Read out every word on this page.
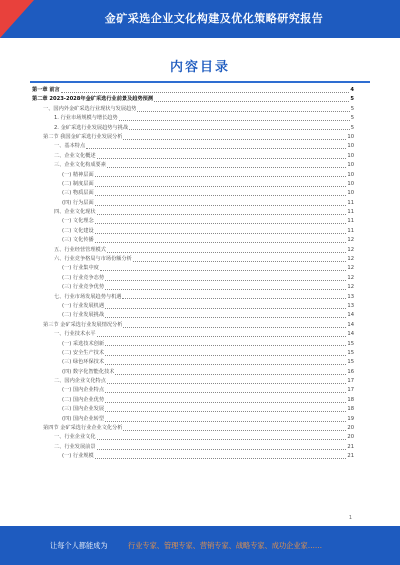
金矿采选企业文化构建及优化策略研究报告
内容目录
第一章 前言	4
第二章 2023-2028年金矿采选行业前景及趋势预测	5
一、国内外金矿采选行业现状与发展趋势	5
1. 行业市场规模与增长趋势	5
2. 金矿采选行业发展趋势与挑战	5
第二节 我国金矿采选行业发展分析	10
一、基本特点	10
二、企业文化概述	10
三、企业文化构成要素	10
(一) 精神层面	10
(二) 制度层面	10
(三) 物质层面	10
(四) 行为层面	11
四、企业文化现状	11
(一) 文化理念	11
(二) 文化建设	11
(三) 文化传播	12
五、行业经营管理模式	12
六、行业竞争格局与市场份额分析	12
(一) 行业集中度	12
(二) 行业竞争态势	12
(三) 行业竞争优势	12
七、行业市场发展趋势与机遇	13
(一) 行业发展机遇	13
(二) 行业发展挑战	14
第三节 金矿采选行业发展情况分析	14
一、行业技术水平	14
(一) 采选技术创新	15
(二) 安全生产技术	15
(三) 绿色环保技术	15
(四) 数字化智能化技术	16
二、国内企业文化特点	17
(一) 国内企业特点	17
(二) 国内企业优势	18
(三) 国内企业发展	18
(四) 国内企业转型	19
第四节 金矿采选行业企业文化分析	20
一、行业企业文化	20
二、行业发展前景	21
(一) 行业规模	21
1
让每个人都能成为	行业专家、管理专家、营销专家、战略专家、成功企业家……
